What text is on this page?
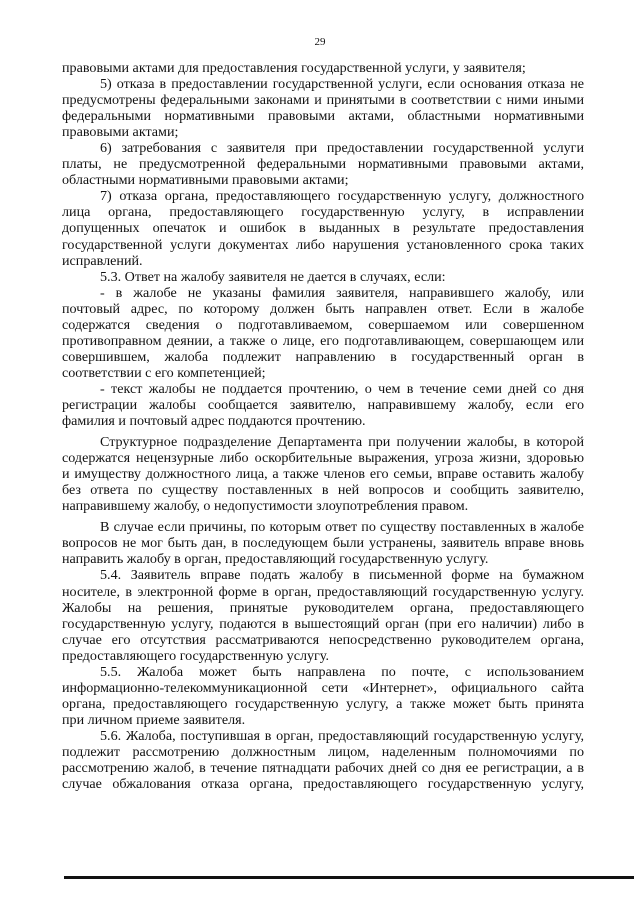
29
правовыми актами для предоставления государственной услуги, у заявителя;
5) отказа в предоставлении государственной услуги, если основания отказа не
предусмотрены федеральными законами и принятыми в соответствии с ними иными
федеральными нормативными правовыми актами, областными нормативными
правовыми актами;
6) затребования с заявителя при предоставлении государственной услуги
платы, не предусмотренной федеральными нормативными правовыми актами,
областными нормативными правовыми актами;
7) отказа органа, предоставляющего государственную услугу, должностного
лица органа, предоставляющего государственную услугу, в исправлении
допущенных опечаток и ошибок в выданных в результате предоставления
государственной услуги документах либо нарушения установленного срока таких
исправлений.
5.3. Ответ на жалобу заявителя не дается в случаях, если:
- в жалобе не указаны фамилия заявителя, направившего жалобу, или
почтовый адрес, по которому должен быть направлен ответ. Если в жалобе
содержатся сведения о подготавливаемом, совершаемом или совершенном
противоправном деянии, а также о лице, его подготавливающем, совершающем или
совершившем, жалоба подлежит направлению в государственный орган в
соответствии с его компетенцией;
- текст жалобы не поддается прочтению, о чем в течение семи дней со дня
регистрации жалобы сообщается заявителю, направившему жалобу, если его
фамилия и почтовый адрес поддаются прочтению.
Структурное подразделение Департамента при получении жалобы, в которой
содержатся нецензурные либо оскорбительные выражения, угроза жизни, здоровью
и имуществу должностного лица, а также членов его семьи, вправе оставить жалобу
без ответа по существу поставленных в ней вопросов и сообщить заявителю,
направившему жалобу, о недопустимости злоупотребления правом.
В случае если причины, по которым ответ по существу поставленных в жалобе
вопросов не мог быть дан, в последующем были устранены, заявитель вправе вновь
направить жалобу в орган, предоставляющий государственную услугу.
5.4. Заявитель вправе подать жалобу в письменной форме на бумажном
носителе, в электронной форме в орган, предоставляющий государственную услугу.
Жалобы на решения, принятые руководителем органа, предоставляющего
государственную услугу, подаются в вышестоящий орган (при его наличии) либо в
случае его отсутствия рассматриваются непосредственно руководителем органа,
предоставляющего государственную услугу.
5.5. Жалоба может быть направлена по почте, с использованием
информационно-телекоммуникационной сети «Интернет», официального сайта
органа, предоставляющего государственную услугу, а также может быть принята
при личном приеме заявителя.
5.6. Жалоба, поступившая в орган, предоставляющий государственную услугу,
подлежит рассмотрению должностным лицом, наделенным полномочиями по
рассмотрению жалоб, в течение пятнадцати рабочих дней со дня ее регистрации, а в
случае обжалования отказа органа, предоставляющего государственную услугу,
